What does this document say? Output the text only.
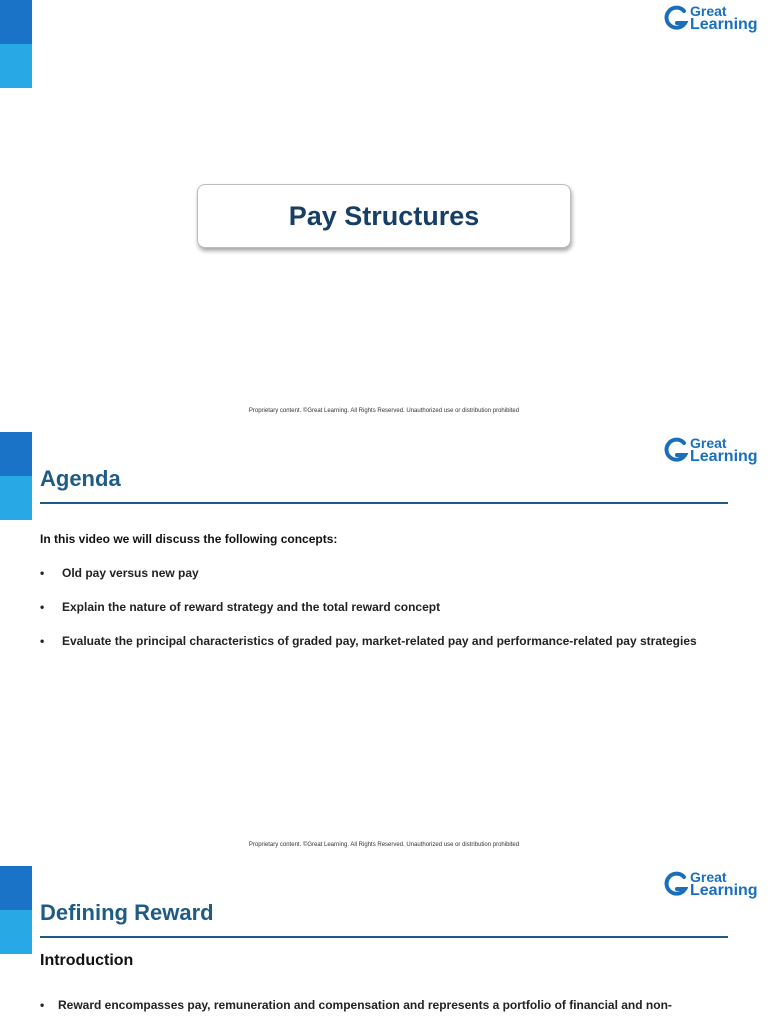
Great
Learning
Pay Structures
Proprietary content. ©Great Learning. All Rights Reserved. Unauthorized use or distribution prohibited
Great
Learning
Agenda
In this video we will discuss the following concepts:
• Old pay versus new pay
• Explain the nature of reward strategy and the total reward concept
• Evaluate the principal characteristics of graded pay, market-related pay and performance-related pay strategies
Proprietary content. ©Great Learning. All Rights Reserved. Unauthorized use or distribution prohibited
Great
Learning
Defining Reward
Introduction
• Reward encompasses pay, remuneration and compensation and represents a portfolio of financial and non-
